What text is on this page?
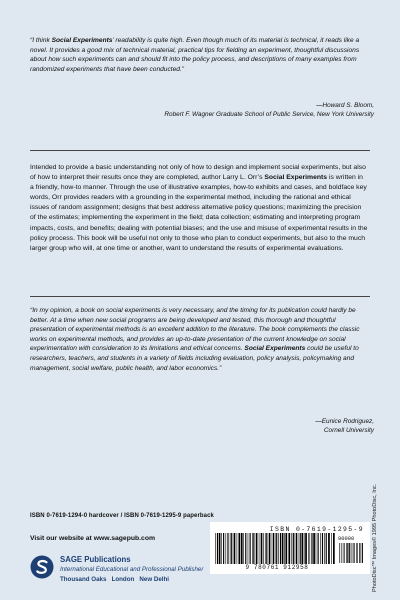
“I think Social Experiments’ readability is quite high. Even though much of its material is technical, it reads like a novel. It provides a good mix of technical material, practical tips for fielding an experiment, thoughtful discussions about how such experiments can and should fit into the policy process, and descriptions of many examples from randomized experiments that have been conducted.”
—Howard S. Bloom,
Robert F. Wagner Graduate School of Public Service, New York University
Intended to provide a basic understanding not only of how to design and implement social experiments, but also of how to interpret their results once they are completed, author Larry L. Orr’s Social Experiments is written in a friendly, how-to manner. Through the use of illustrative examples, how-to exhibits and cases, and boldface key words, Orr provides readers with a grounding in the experimental method, including the rational and ethical issues of random assignment; designs that best address alternative policy questions; maximizing the precision of the estimates; implementing the experiment in the field; data collection; estimating and interpreting program impacts, costs, and benefits; dealing with potential biases; and the use and misuse of experimental results in the policy process. This book will be useful not only to those who plan to conduct experiments, but also to the much larger group who will, at one time or another, want to understand the results of experimental evaluations.
“In my opinion, a book on social experiments is very necessary, and the timing for its publication could hardly be better. At a time when new social programs are being developed and tested, this thorough and thoughtful presentation of experimental methods is an excellent addition to the literature. The book complements the classic works on experimental methods, and provides an up-to-date presentation of the current knowledge on social experimentation with consideration to its limitations and ethical concerns. Social Experiments could be useful to researchers, teachers, and students in a variety of fields including evaluation, policy analysis, policymaking and management, social welfare, public health, and labor economics.”
—Eunice Rodriguez,
Cornell University
ISBN 0-7619-1294-0 hardcover / ISBN 0-7619-1295-9 paperback
Visit our website at www.sagepub.com
ISBN 0-7619-1295-9
90000
9 780761 912958	PhotoDisc™ Images© 1995 PhotoDisc, Inc.
SAGE Publications
International Educational and Professional Publisher
Thousand Oaks   London   New Delhi
